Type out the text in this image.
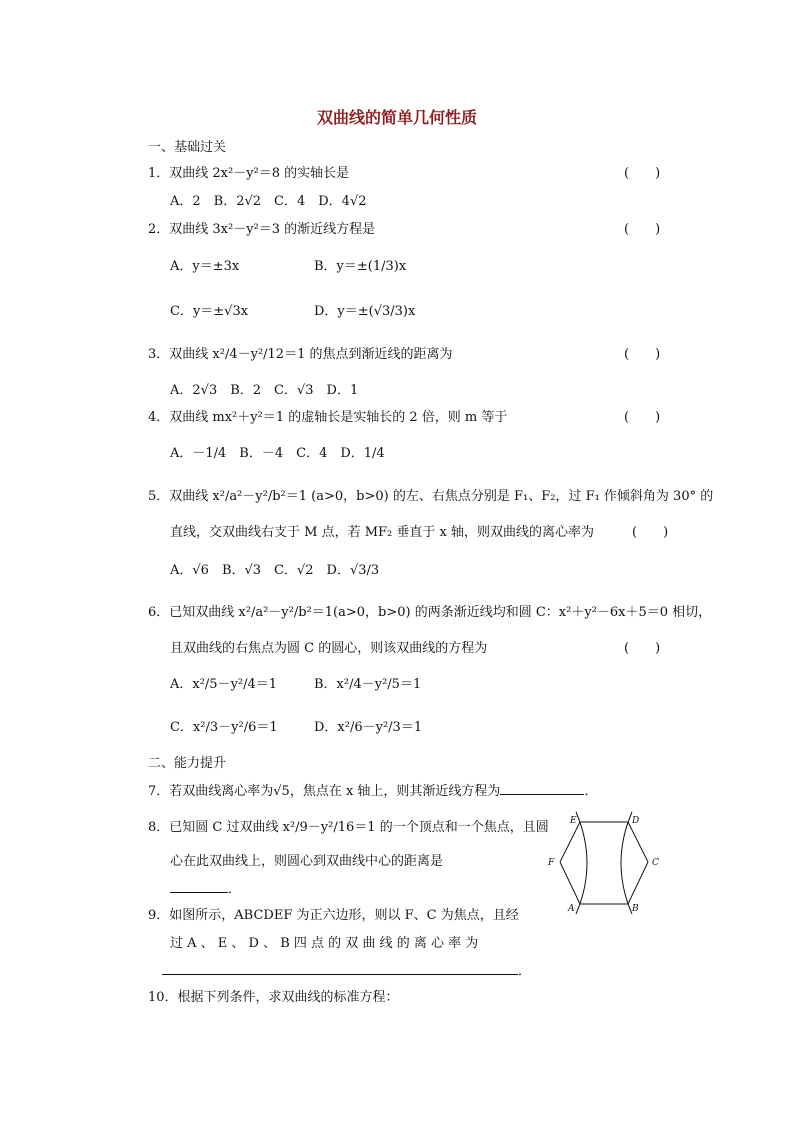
双曲线的简单几何性质
一、基础过关
1．双曲线 2x²－y²＝8 的实轴长是	(　　)
A．2　B．2√2　C．4　D．4√2
2．双曲线 3x²－y²＝3 的渐近线方程是	(　　)
A．y＝±3x	B．y＝±(1/3)x
C．y＝±√3x	D．y＝±(√3/3)x
3．双曲线 x²/4－y²/12＝1 的焦点到渐近线的距离为	(　　)
A．2√3　B．2　C．√3　D．1
4．双曲线 mx²＋y²＝1 的虚轴长是实轴长的 2 倍，则 m 等于	(　　)
A．－1/4　B．－4　C．4　D．1/4
5．双曲线 x²/a²－y²/b²＝1 (a>0，b>0) 的左、右焦点分别是 F₁、F₂，过 F₁ 作倾斜角为 30° 的
直线，交双曲线右支于 M 点，若 MF₂ 垂直于 x 轴，则双曲线的离心率为	(　　)
A．√6　B．√3　C．√2　D．√3/3
6．已知双曲线 x²/a²－y²/b²＝1(a>0，b>0) 的两条渐近线均和圆 C：x²＋y²－6x＋5＝0 相切，
且双曲线的右焦点为圆 C 的圆心，则该双曲线的方程为	(　　)
A．x²/5－y²/4＝1	B．x²/4－y²/5＝1
C．x²/3－y²/6＝1	D．x²/6－y²/3＝1
二、能力提升
7．若双曲线离心率为√5，焦点在 x 轴上，则其渐近线方程为	．
8．已知圆 C 过双曲线 x²/9－y²/16＝1 的一个顶点和一个焦点，且圆
心在此双曲线上，则圆心到双曲线中心的距离是
．
9．如图所示，ABCDEF 为正六边形，则以 F、C 为焦点，且经
过 A 、 E 、 D 、 B 四 点 的 双 曲 线 的 离 心 率 为
．
10．根据下列条件，求双曲线的标准方程：
E	D
F	C
A	B
